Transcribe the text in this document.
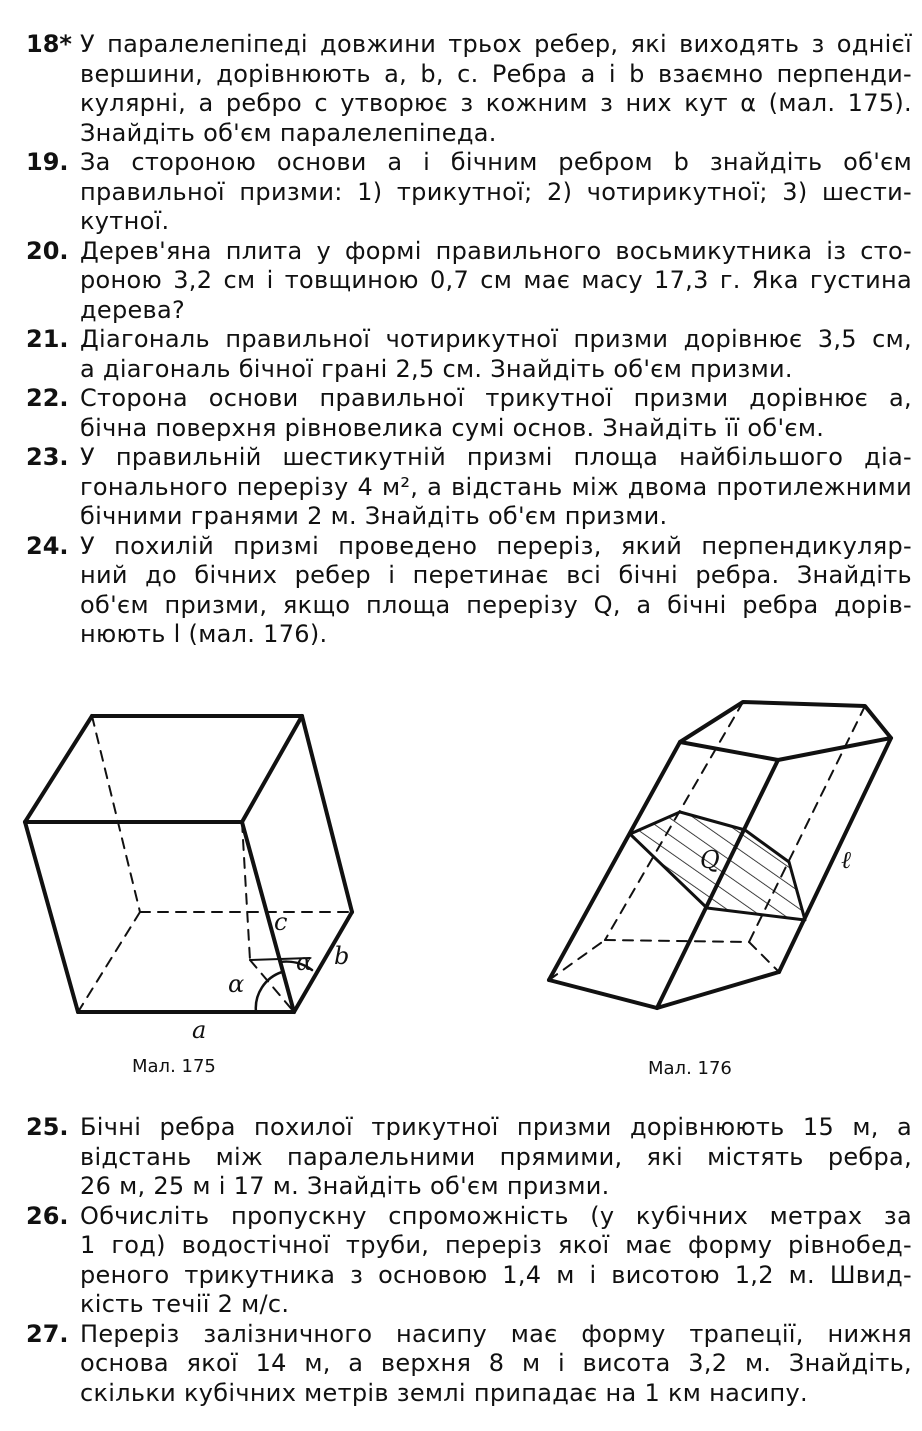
18* У паралелепіпеді довжини трьох ребер, які виходять з однієї
вершини, дорівнюють a, b, c. Ребра a і b взаємно перпенди-
кулярні, а ребро c утворює з кожним з них кут α (мал. 175).
Знайдіть об'єм паралелепіпеда.
19. За стороною основи a і бічним ребром b знайдіть об'єм
правильної призми: 1) трикутної; 2) чотирикутної; 3) шести-
кутної.
20. Дерев'яна плита у формі правильного восьмикутника із сто-
роною 3,2 см і товщиною 0,7 см має масу 17,3 г. Яка густина
дерева?
21. Діагональ правильної чотирикутної призми дорівнює 3,5 см,
а діагональ бічної грані 2,5 см. Знайдіть об'єм призми.
22. Сторона основи правильної трикутної призми дорівнює a,
бічна поверхня рівновелика сумі основ. Знайдіть її об'єм.
23. У правильній шестикутній призмі площа найбільшого діа-
гонального перерізу 4 м², а відстань між двома протилежними
бічними гранями 2 м. Знайдіть об'єм призми.
24. У похилій призмі проведено переріз, який перпендикуляр-
ний до бічних ребер і перетинає всі бічні ребра. Знайдіть
об'єм призми, якщо площа перерізу Q, а бічні ребра дорів-
нюють l (мал. 176).
a
b
c
α
α
Мал. 175
Q	ℓ
Мал. 176
25. Бічні ребра похилої трикутної призми дорівнюють 15 м, а
відстань між паралельними прямими, які містять ребра,
26 м, 25 м і 17 м. Знайдіть об'єм призми.
26. Обчисліть пропускну спроможність (у кубічних метрах за
1 год) водостічної труби, переріз якої має форму рівнобед-
реного трикутника з основою 1,4 м і висотою 1,2 м. Швид-
кість течії 2 м/с.
27. Переріз залізничного насипу має форму трапеції, нижня
основа якої 14 м, а верхня 8 м і висота 3,2 м. Знайдіть,
скільки кубічних метрів землі припадає на 1 км насипу.
